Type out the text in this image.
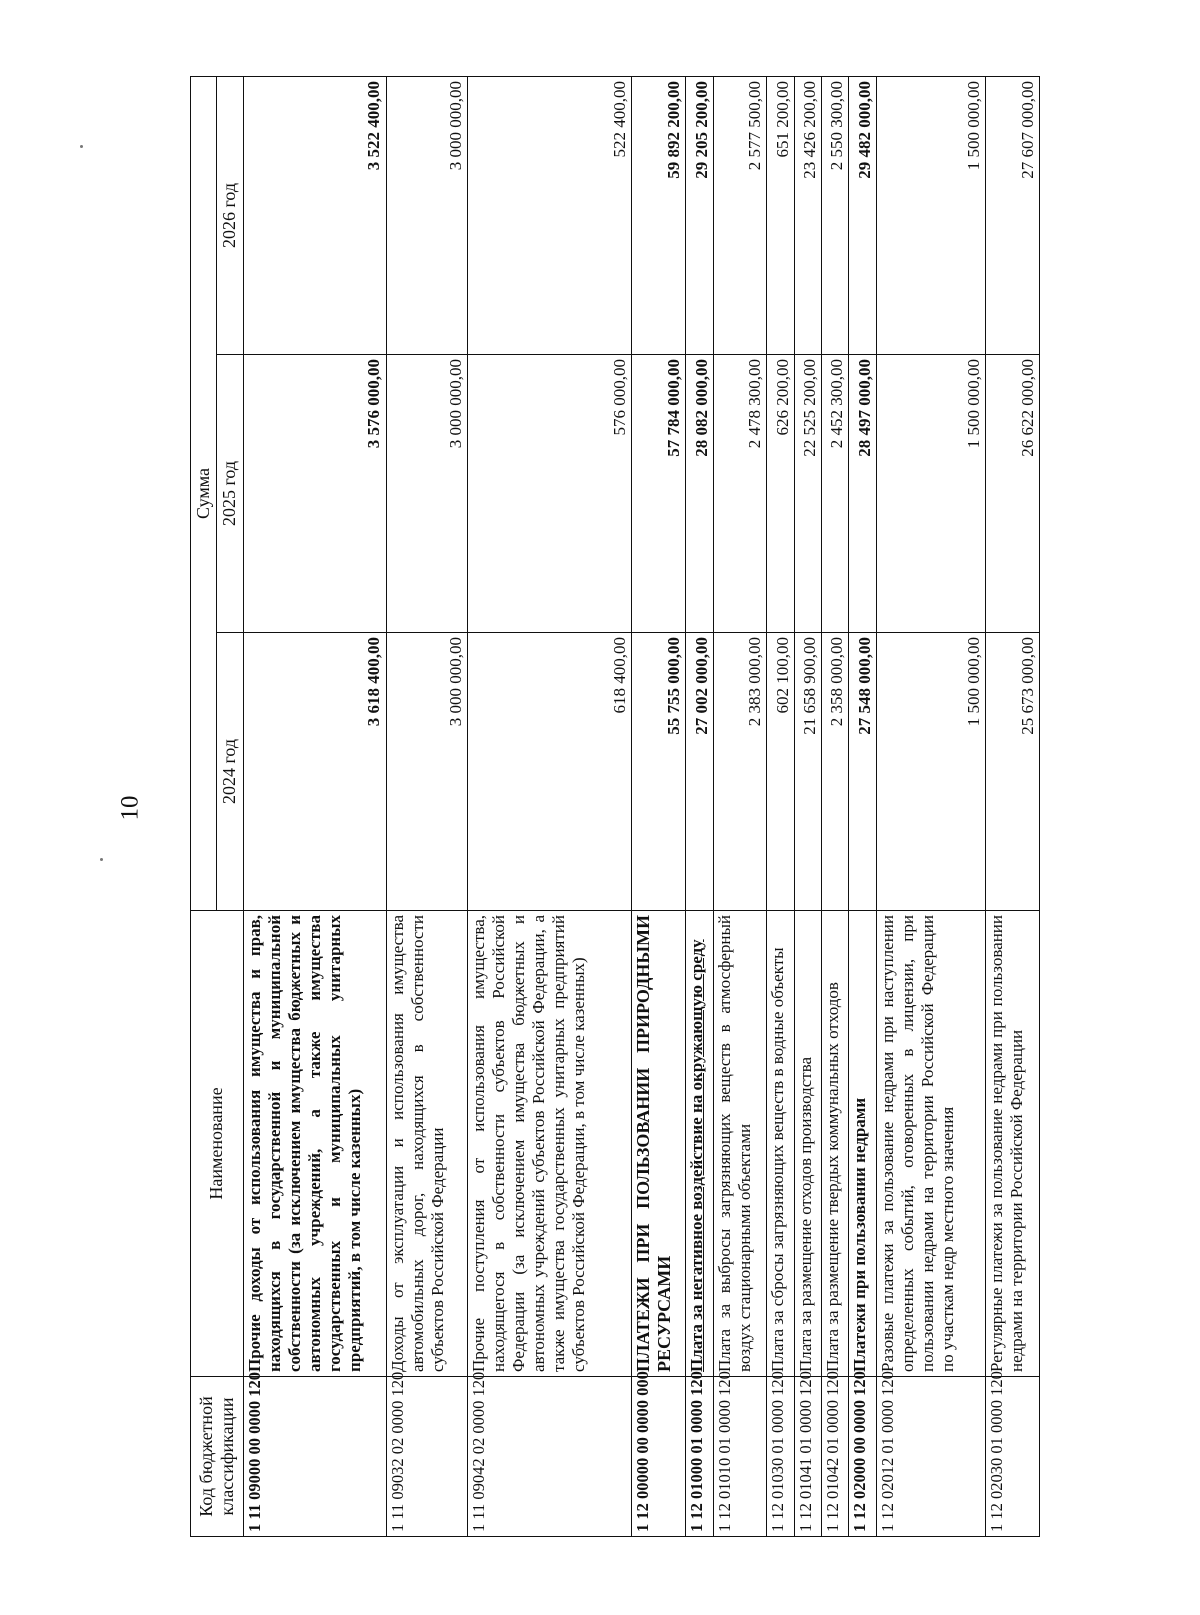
10
Код бюджетной классификации	Наименование	Сумма		
		2024 год	2025 год	2026 год
1 11 09000 00 0000 120	Прочие доходы от использования имущества и прав, находящихся в государственной и муниципальной собственности (за исключением имущества бюджетных и автономных учреждений, а также имущества государственных и муниципальных унитарных предприятий, в том числе казенных)	3 618 400,00	3 576 000,00	3 522 400,00
1 11 09032 02 0000 120	Доходы от эксплуатации и использования имущества автомобильных дорог, находящихся в собственности субъектов Российской Федерации	3 000 000,00	3 000 000,00	3 000 000,00
1 11 09042 02 0000 120	Прочие поступления от использования имущества, находящегося в собственности субъектов Российской Федерации (за исключением имущества бюджетных и автономных учреждений субъектов Российской Федерации, а также имущества государственных унитарных предприятий субъектов Российской Федерации, в том числе казенных)	618 400,00	576 000,00	522 400,00
1 12 00000 00 0000 000	ПЛАТЕЖИ ПРИ ПОЛЬЗОВАНИИ ПРИРОДНЫМИ РЕСУРСАМИ	55 755 000,00	57 784 000,00	59 892 200,00
1 12 01000 01 0000 120	Плата за негативное воздействие на окружающую среду	27 002 000,00	28 082 000,00	29 205 200,00
1 12 01010 01 0000 120	Плата за выбросы загрязняющих веществ в атмосферный воздух стационарными объектами	2 383 000,00	2 478 300,00	2 577 500,00
1 12 01030 01 0000 120	Плата за сбросы загрязняющих веществ в водные объекты	602 100,00	626 200,00	651 200,00
1 12 01041 01 0000 120	Плата за размещение отходов производства	21 658 900,00	22 525 200,00	23 426 200,00
1 12 01042 01 0000 120	Плата за размещение твердых коммунальных отходов	2 358 000,00	2 452 300,00	2 550 300,00
1 12 02000 00 0000 120	Платежи при пользовании недрами	27 548 000,00	28 497 000,00	29 482 000,00
1 12 02012 01 0000 120	Разовые платежи за пользование недрами при наступлении определенных событий, оговоренных в лицензии, при пользовании недрами на территории Российской Федерации по участкам недр местного значения	1 500 000,00	1 500 000,00	1 500 000,00
1 12 02030 01 0000 120	Регулярные платежи за пользование недрами при пользовании недрами на территории Российской Федерации	25 673 000,00	26 622 000,00	27 607 000,00
